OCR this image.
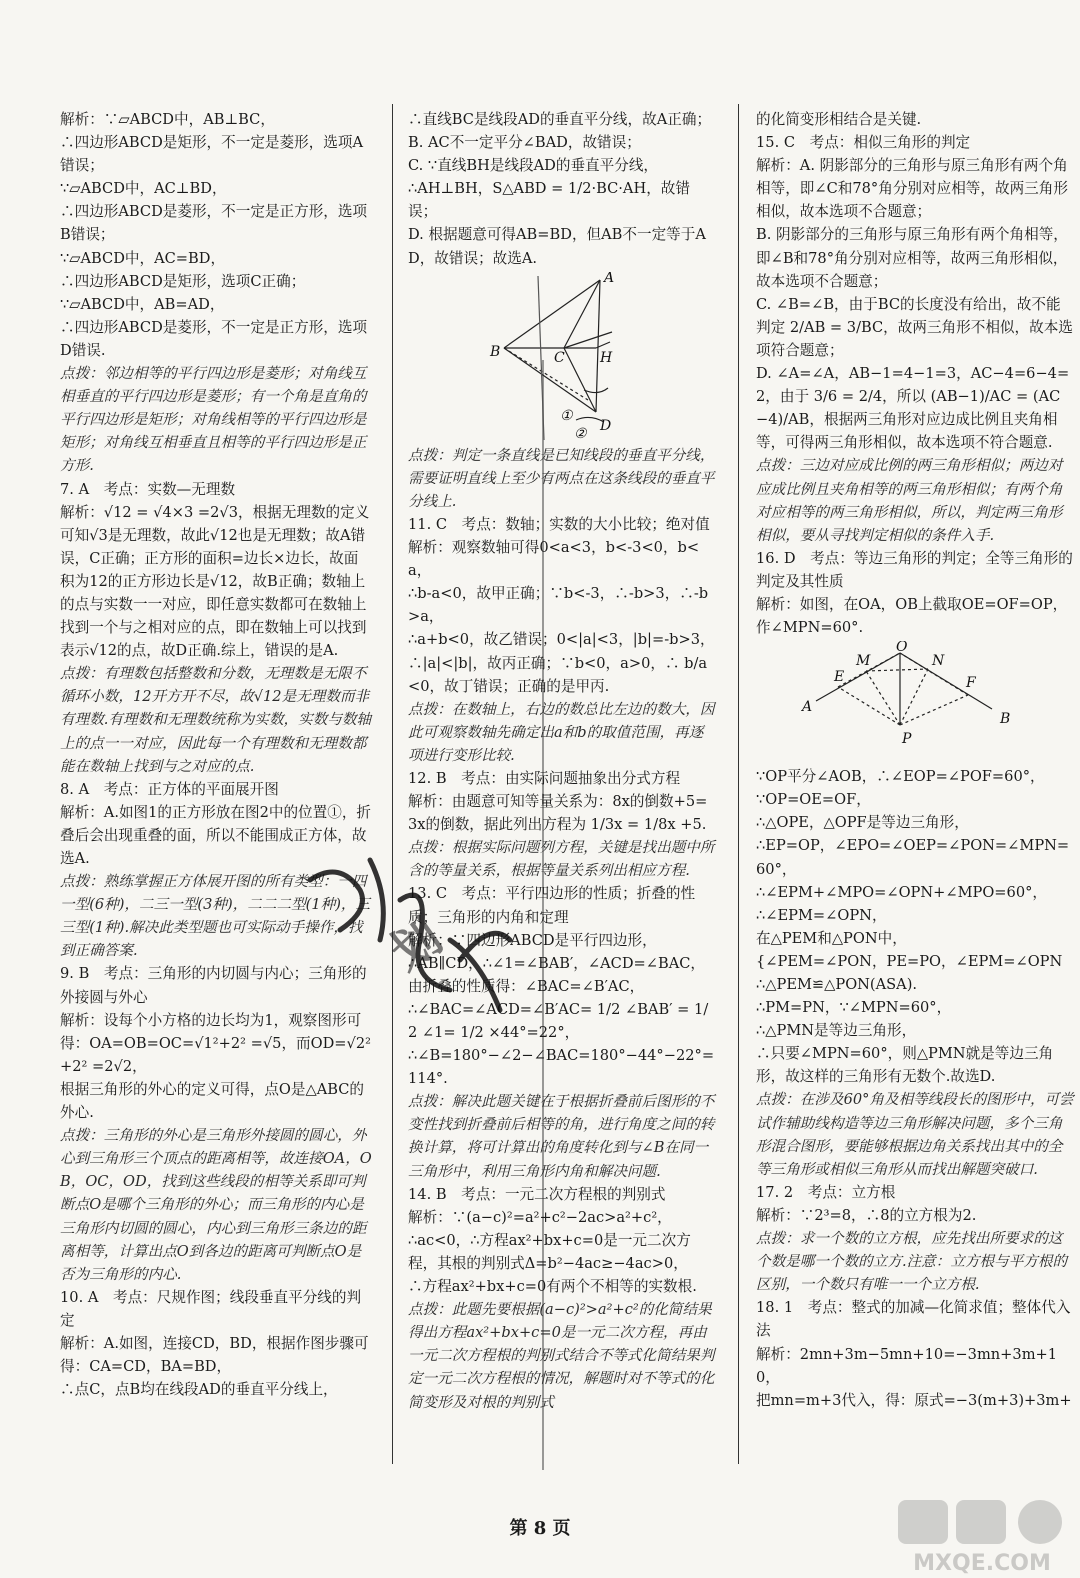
解析：∵▱ABCD中，AB⊥BC，

∴四边形ABCD是矩形，不一定是菱形，选项A错误；

∵▱ABCD中，AC⊥BD，

∴四边形ABCD是菱形，不一定是正方形，选项B错误；

∵▱ABCD中，AC=BD，

∴四边形ABCD是矩形，选项C正确；

∵▱ABCD中，AB=AD，

∴四边形ABCD是菱形，不一定是正方形，选项D错误.

点拨：邻边相等的平行四边形是菱形；对角线互相垂直的平行四边形是菱形；有一个角是直角的平行四边形是矩形；对角线相等的平行四边形是矩形；对角线互相垂直且相等的平行四边形是正方形.

7. A　考点：实数—无理数

解析：√12 = √4×3 =2√3，根据无理数的定义可知√3是无理数，故此√12也是无理数；故A错误，C正确；正方形的面积=边长×边长，故面积为12的正方形边长是√12，故B正确；数轴上的点与实数一一对应，即任意实数都可在数轴上找到一个与之相对应的点，即在数轴上可以找到表示√12的点，故D正确.综上，错误的是A.

点拨：有理数包括整数和分数，无理数是无限不循环小数，12开方开不尽，故√12是无理数而非有理数.有理数和无理数统称为实数，实数与数轴上的点一一对应，因此每一个有理数和无理数都能在数轴上找到与之对应的点.

8. A　考点：正方体的平面展开图

解析：A.如图1的正方形放在图2中的位置①，折叠后会出现重叠的面，所以不能围成正方体，故选A.

点拨：熟练掌握正方体展开图的所有类型：一四一型(6种)，二三一型(3种)，二二二型(1种)，三三型(1种).解决此类型题也可实际动手操作，找到正确答案.

9. B　考点：三角形的内切圆与内心；三角形的外接圆与外心

解析：设每个小方格的边长均为1，观察图形可得：OA=OB=OC=√1²+2² =√5，而OD=√2²+2² =2√2，

根据三角形的外心的定义可得，点O是△ABC的外心.

点拨：三角形的外心是三角形外接圆的圆心，外心到三角形三个顶点的距离相等，故连接OA，OB，OC，OD，找到这些线段的相等关系即可判断点O是哪个三角形的外心；而三角形的内心是三角形内切圆的圆心，内心到三角形三条边的距离相等，计算出点O到各边的距离可判断点O是否为三角形的内心.

10. A　考点：尺规作图；线段垂直平分线的判定

解析：A.如图，连接CD，BD，根据作图步骤可得：CA=CD，BA=BD，

∴点C，点B均在线段AD的垂直平分线上，

∴直线BC是线段AD的垂直平分线，故A正确；

B. AC不一定平分∠BAD，故错误；

C. ∵直线BH是线段AD的垂直平分线，

∴AH⊥BH，S△ABD = 1/2·BC·AH，故错误；

D. 根据题意可得AB=BD，但AB不一定等于AD，故错误；故选A.

A
B	C	H
D
①
②

点拨：判定一条直线是已知线段的垂直平分线，需要证明直线上至少有两点在这条线段的垂直平分线上.

11. C　考点：数轴；实数的大小比较；绝对值

解析：观察数轴可得0<a<3，b<-3<0，b<a，

∴b-a<0，故甲正确；∵b<-3，∴-b>3，∴-b>a，

∴a+b<0，故乙错误；0<|a|<3，|b|=-b>3，∴|a|<|b|，故丙正确；∵b<0，a>0，∴ b/a <0，故丁错误；正确的是甲丙.

点拨：在数轴上，右边的数总比左边的数大，因此可观察数轴先确定出a和b的取值范围，再逐项进行变形比较.

12. B　考点：由实际问题抽象出分式方程

解析：由题意可知等量关系为：8x的倒数+5=3x的倒数，据此列出方程为 1/3x = 1/8x +5.

点拨：根据实际问题列方程，关键是找出题中所含的等量关系，根据等量关系列出相应方程.

13. C　考点：平行四边形的性质；折叠的性质；三角形的内角和定理

解析：∵四边形ABCD是平行四边形，

∴AB∥CD，∴∠1=∠BAB′，∠ACD=∠BAC，

由折叠的性质得：∠BAC=∠B′AC，

∴∠BAC=∠ACD=∠B′AC= 1/2 ∠BAB′ = 1/2 ∠1= 1/2 ×44°=22°，

∴∠B=180°−∠2−∠BAC=180°−44°−22°=114°.

点拨：解决此题关键在于根据折叠前后图形的不变性找到折叠前后相等的角，进行角度之间的转换计算，将可计算出的角度转化到与∠B在同一三角形中，利用三角形内角和解决问题.

14. B　考点：一元二次方程根的判别式

解析：∵(a−c)²=a²+c²−2ac>a²+c²，

∴ac<0，∴方程ax²+bx+c=0是一元二次方程，其根的判别式Δ=b²−4ac≥−4ac>0，

∴方程ax²+bx+c=0有两个不相等的实数根.

点拨：此题先要根据(a−c)²>a²+c²的化简结果得出方程ax²+bx+c=0是一元二次方程，再由一元二次方程根的判别式结合不等式化简结果判定一元二次方程根的情况，解题时对不等式的化简变形及对根的判别式

的化简变形相结合是关键.

15. C　考点：相似三角形的判定

解析：A. 阴影部分的三角形与原三角形有两个角相等，即∠C和78°角分别对应相等，故两三角形相似，故本选项不合题意；

B. 阴影部分的三角形与原三角形有两个角相等，即∠B和78°角分别对应相等，故两三角形相似，故本选项不合题意；

C. ∠B=∠B，由于BC的长度没有给出，故不能判定 2/AB = 3/BC，故两三角形不相似，故本选项符合题意；

D. ∠A=∠A，AB−1=4−1=3，AC−4=6−4=2，由于 3/6 = 2/4，所以 (AB−1)/AC = (AC−4)/AB，根据两三角形对应边成比例且夹角相等，可得两三角形相似，故本选项不符合题意.

点拨：三边对应成比例的两三角形相似；两边对应成比例且夹角相等的两三角形相似；有两个角对应相等的两三角形相似，所以，判定两三角形相似，要从寻找判定相似的条件入手.

16. D　考点：等边三角形的判定；全等三角形的判定及其性质

解析：如图，在OA，OB上截取OE=OF=OP，作∠MPN=60°.

O
M	N
E	F
A
B
P

∵OP平分∠AOB，∴∠EOP=∠POF=60°，

∵OP=OE=OF，

∴△OPE，△OPF是等边三角形，

∴EP=OP，∠EPO=∠OEP=∠PON=∠MPN=60°，

∴∠EPM+∠MPO=∠OPN+∠MPO=60°，

∴∠EPM=∠OPN，

在△PEM和△PON中，

{∠PEM=∠PON，PE=PO，∠EPM=∠OPN

∴△PEM≌△PON(ASA).

∴PM=PN，∵∠MPN=60°，

∴△PMN是等边三角形，

∴只要∠MPN=60°，则△PMN就是等边三角形，故这样的三角形有无数个.故选D.

点拨：在涉及60°角及相等线段长的图形中，可尝试作辅助线构造等边三角形解决问题，多个三角形混合图形，要能够根据边角关系找出其中的全等三角形或相似三角形从而找出解题突破口.

17. 2　考点：立方根

解析：∵2³=8，∴8的立方根为2.

点拨：求一个数的立方根，应先找出所要求的这个数是哪一个数的立方.注意：立方根与平方根的区别，一个数只有唯一一个立方根.

18. 1　考点：整式的加减—化简求值；整体代入法

解析：2mn+3m−5mn+10=−3mn+3m+10，

把mn=m+3代入，得：原式=−3(m+3)+3m+

划
第 8 页
MXQE.COM
